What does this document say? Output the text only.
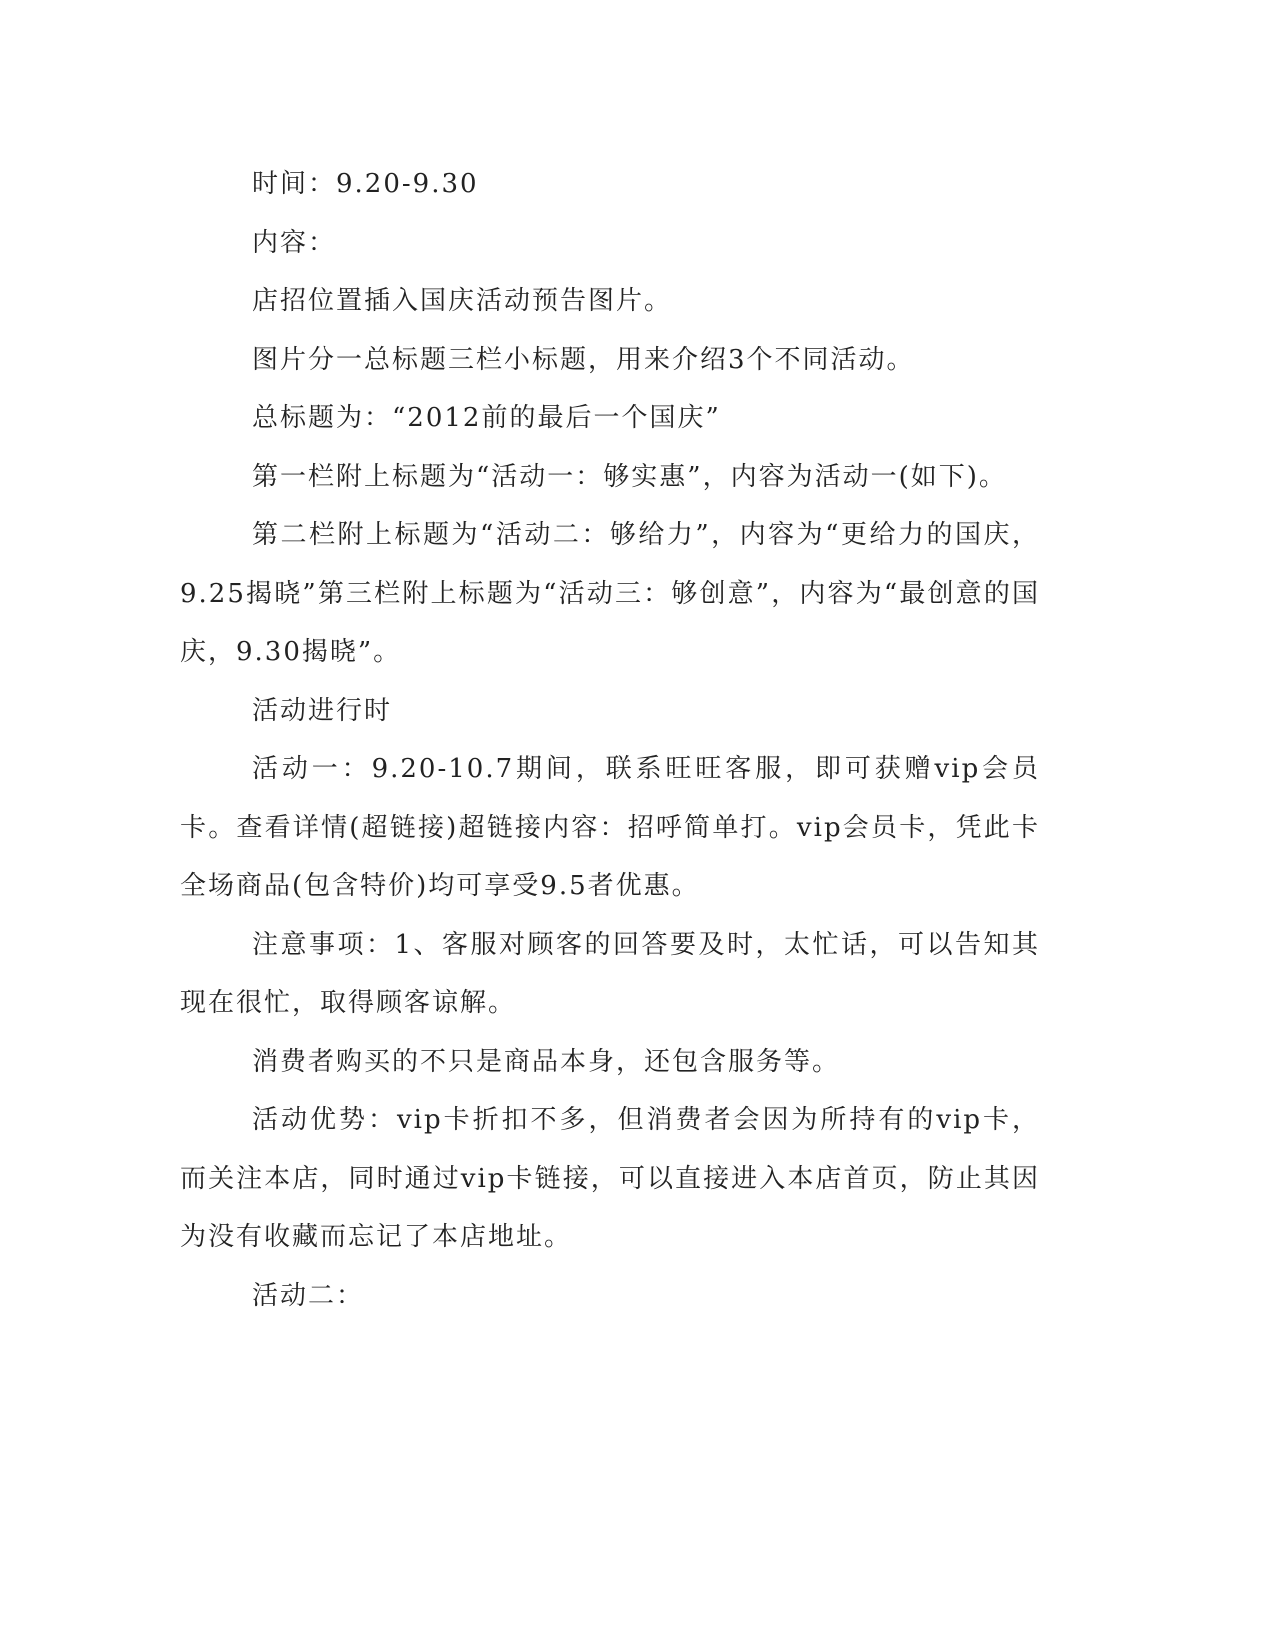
时间：9.20-9.30

内容：

店招位置插入国庆活动预告图片。

图片分一总标题三栏小标题，用来介绍3个不同活动。

总标题为：“2012前的最后一个国庆”

第一栏附上标题为“活动一：够实惠”，内容为活动一(如下)。

第二栏附上标题为“活动二：够给力”，内容为“更给力的国庆，9.25揭晓”第三栏附上标题为“活动三：够创意”，内容为“最创意的国庆，9.30揭晓”。

活动进行时

活动一：9.20-10.7期间，联系旺旺客服，即可获赠vip会员卡。查看详情(超链接)超链接内容：招呼简单打。vip会员卡，凭此卡全场商品(包含特价)均可享受9.5者优惠。

注意事项：1、客服对顾客的回答要及时，太忙话，可以告知其现在很忙，取得顾客谅解。

消费者购买的不只是商品本身，还包含服务等。

活动优势：vip卡折扣不多，但消费者会因为所持有的vip卡，而关注本店，同时通过vip卡链接，可以直接进入本店首页，防止其因为没有收藏而忘记了本店地址。

活动二：
